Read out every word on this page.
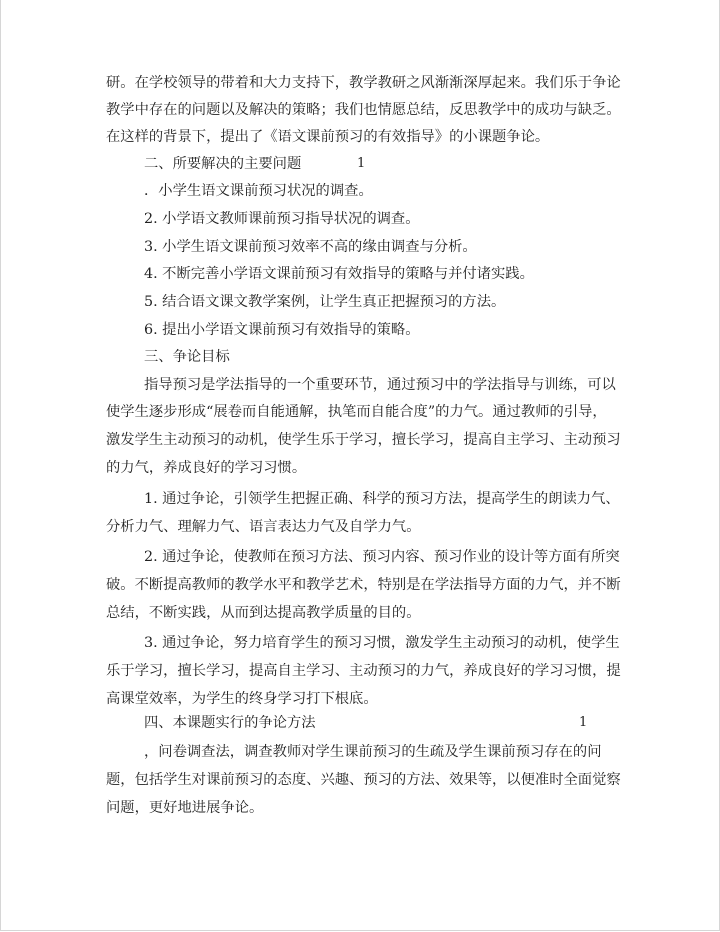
研。在学校领导的带着和大力支持下，教学教研之风渐渐深厚起来。我们乐于争论
教学中存在的问题以及解决的策略；我们也情愿总结，反思教学中的成功与缺乏。
在这样的背景下，提出了《语文课前预习的有效指导》的小课题争论。
二、所要解决的主要问题	1
．小学生语文课前预习状况的调查。
2. 小学语文教师课前预习指导状况的调查。
3. 小学生语文课前预习效率不高的缘由调查与分析。
4. 不断完善小学语文课前预习有效指导的策略与并付诸实践。
5. 结合语文课文教学案例，让学生真正把握预习的方法。
6. 提出小学语文课前预习有效指导的策略。
三、争论目标
指导预习是学法指导的一个重要环节，通过预习中的学法指导与训练，可以
使学生逐步形成“展卷而自能通解，执笔而自能合度”的力气。通过教师的引导，
激发学生主动预习的动机，使学生乐于学习，擅长学习，提高自主学习、主动预习
的力气，养成良好的学习习惯。
1. 通过争论，引领学生把握正确、科学的预习方法，提高学生的朗读力气、
分析力气、理解力气、语言表达力气及自学力气。
2. 通过争论，使教师在预习方法、预习内容、预习作业的设计等方面有所突
破。不断提高教师的教学水平和教学艺术，特别是在学法指导方面的力气，并不断
总结，不断实践，从而到达提高教学质量的目的。
3. 通过争论，努力培育学生的预习习惯，激发学生主动预习的动机，使学生
乐于学习，擅长学习，提高自主学习、主动预习的力气，养成良好的学习习惯，提
高课堂效率，为学生的终身学习打下根底。
四、本课题实行的争论方法	1
，问卷调查法，调查教师对学生课前预习的生疏及学生课前预习存在的问
题，包括学生对课前预习的态度、兴趣、预习的方法、效果等，以便准时全面觉察
问题，更好地进展争论。
